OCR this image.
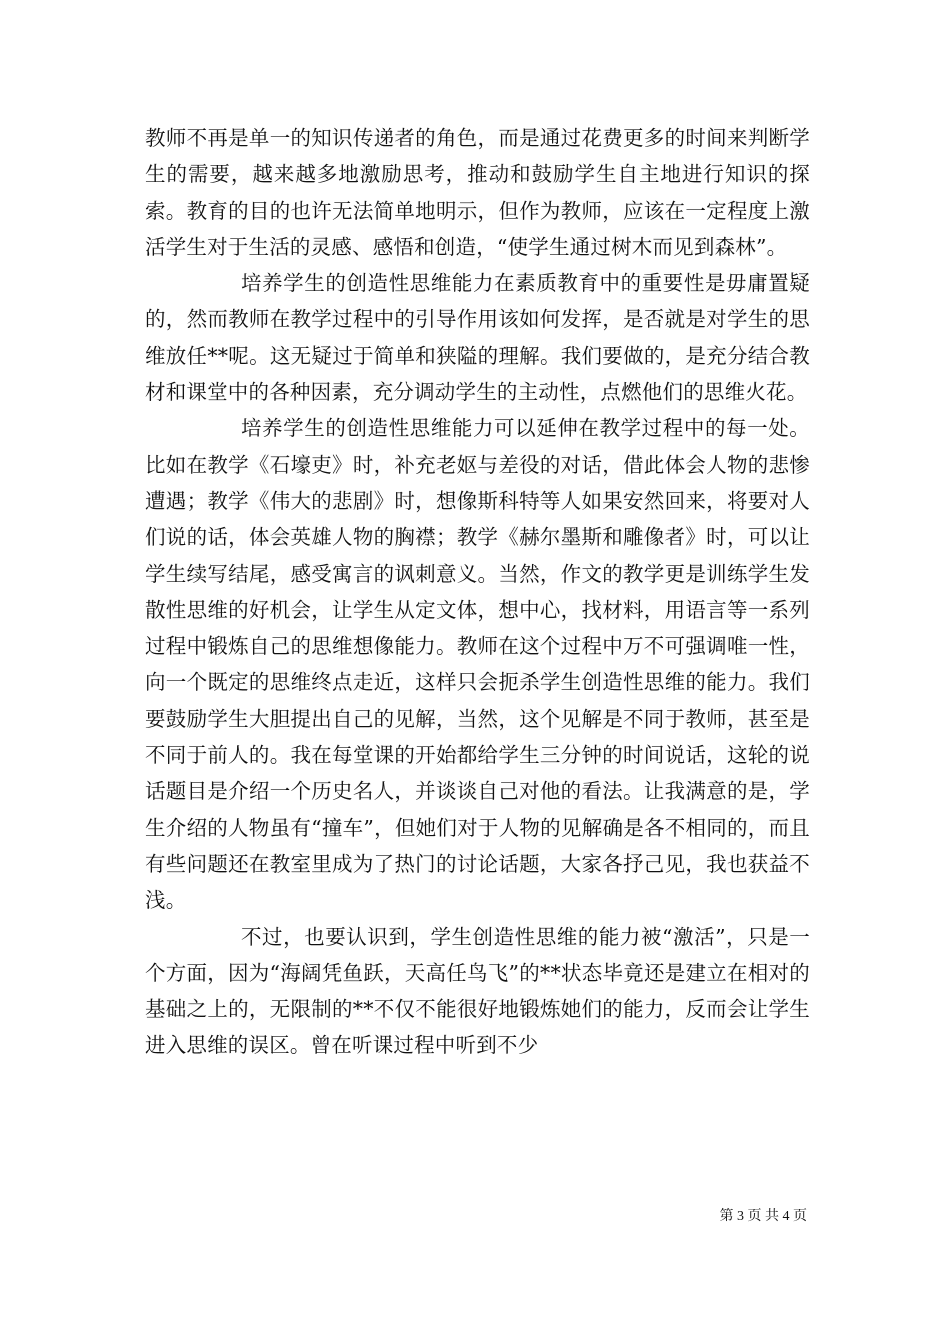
教师不再是单一的知识传递者的角色，而是通过花费更多的时间来判断学生的需要，越来越多地激励思考，推动和鼓励学生自主地进行知识的探索。教育的目的也许无法简单地明示，但作为教师，应该在一定程度上激活学生对于生活的灵感、感悟和创造，“使学生通过树木而见到森林”。

培养学生的创造性思维能力在素质教育中的重要性是毋庸置疑的，然而教师在教学过程中的引导作用该如何发挥，是否就是对学生的思维放任**呢。这无疑过于简单和狭隘的理解。我们要做的，是充分结合教材和课堂中的各种因素，充分调动学生的主动性，点燃他们的思维火花。

培养学生的创造性思维能力可以延伸在教学过程中的每一处。比如在教学《石壕吏》时，补充老妪与差役的对话，借此体会人物的悲惨遭遇；教学《伟大的悲剧》时，想像斯科特等人如果安然回来，将要对人们说的话，体会英雄人物的胸襟；教学《赫尔墨斯和雕像者》时，可以让学生续写结尾，感受寓言的讽刺意义。当然，作文的教学更是训练学生发散性思维的好机会，让学生从定文体，想中心，找材料，用语言等一系列过程中锻炼自己的思维想像能力。教师在这个过程中万不可强调唯一性，向一个既定的思维终点走近，这样只会扼杀学生创造性思维的能力。我们要鼓励学生大胆提出自己的见解，当然，这个见解是不同于教师，甚至是不同于前人的。我在每堂课的开始都给学生三分钟的时间说话，这轮的说话题目是介绍一个历史名人，并谈谈自己对他的看法。让我满意的是，学生介绍的人物虽有“撞车”，但她们对于人物的见解确是各不相同的，而且有些问题还在教室里成为了热门的讨论话题，大家各抒己见，我也获益不浅。

不过，也要认识到，学生创造性思维的能力被“激活”，只是一个方面，因为“海阔凭鱼跃，天高任鸟飞”的**状态毕竟还是建立在相对的基础之上的，无限制的**不仅不能很好地锻炼她们的能力，反而会让学生进入思维的误区。曾在听课过程中听到不少

第 3 页 共 4 页
